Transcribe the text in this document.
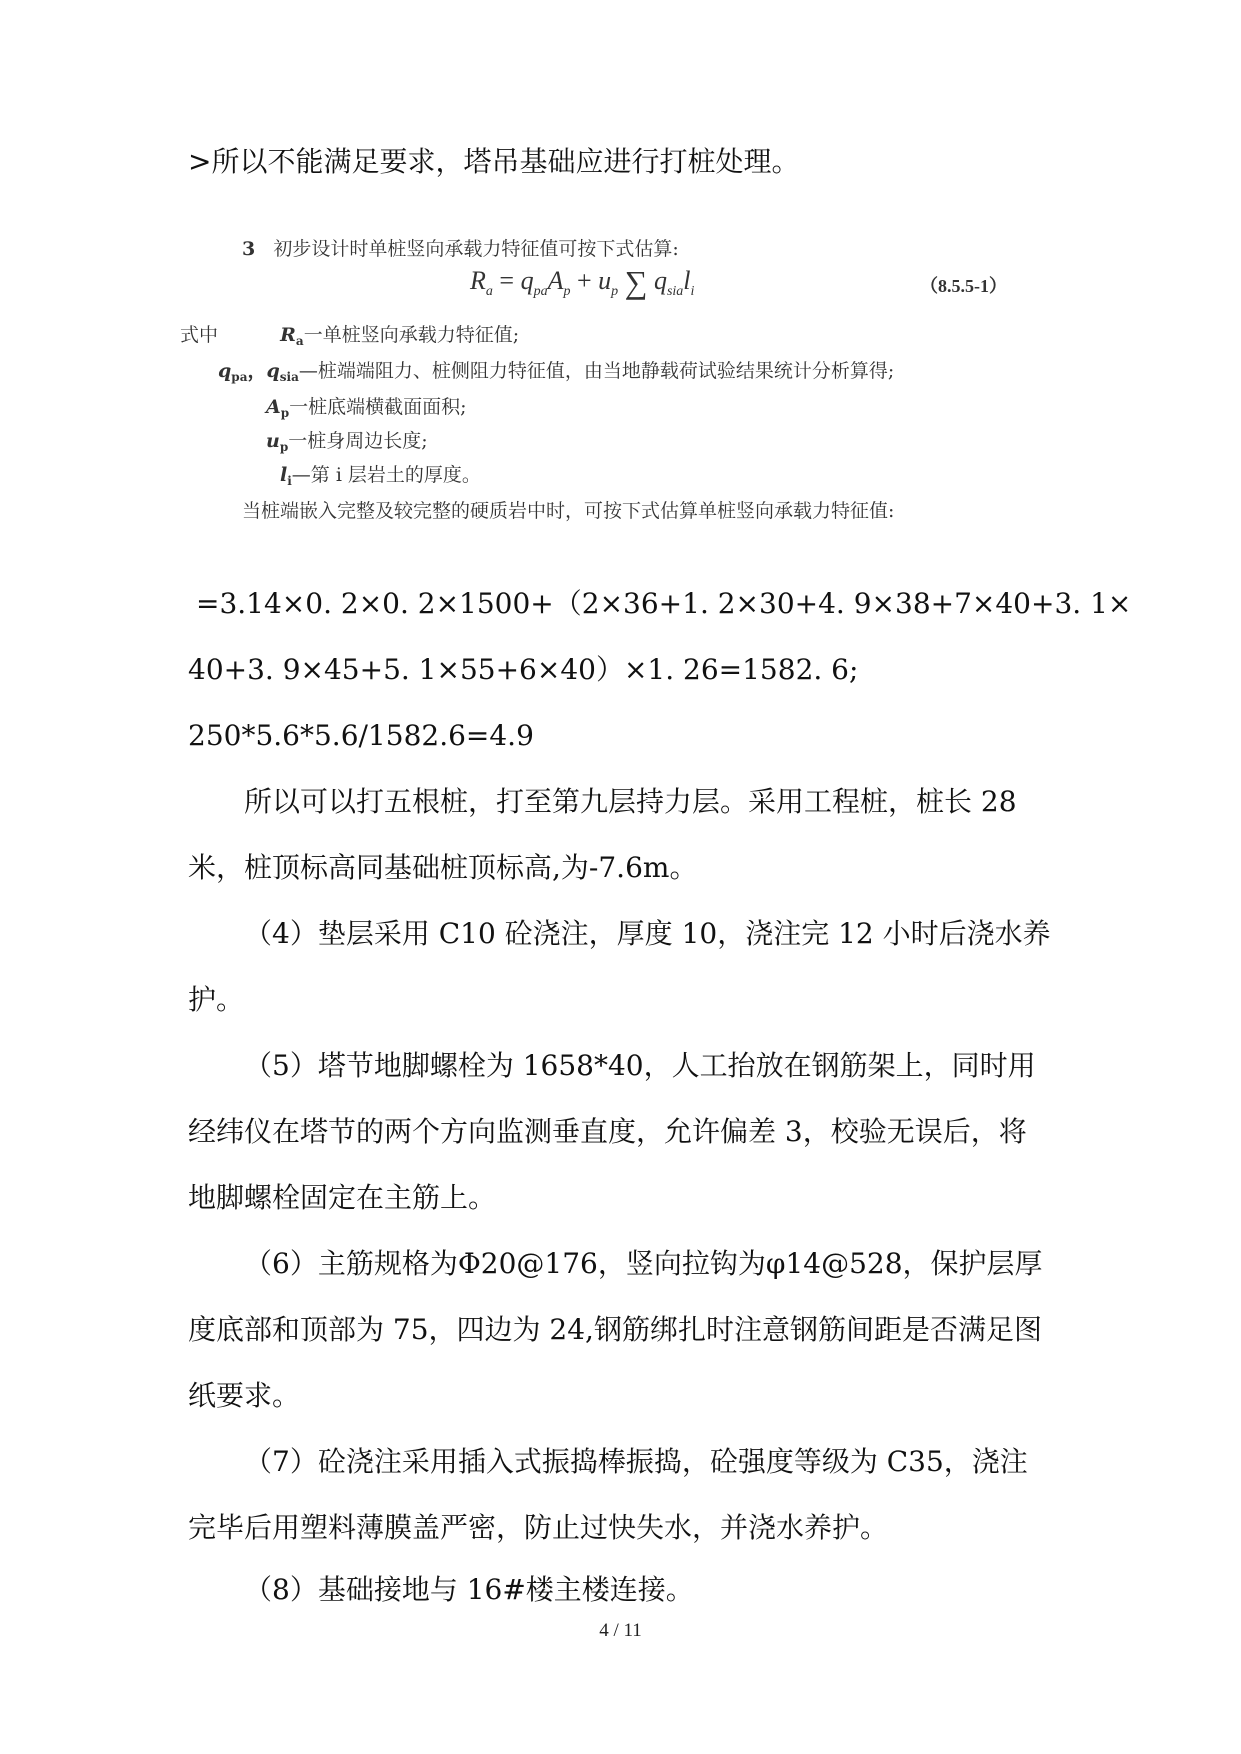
>所以不能满足要求，塔吊基础应进行打桩处理。
3 初步设计时单桩竖向承载力特征值可按下式估算:
$R_a = q_{pa}A_p + u_p$ ∑ $q_{sia}l_i$	（8.5.5-1）
式中	$R_a$一单桩竖向承载力特征值;
$q_{pa}$，$q_{sia}—$桩端端阻力、桩侧阻力特征值，由当地静载荷试验结果统计分析算得;
$A_p$一桩底端横截面面积;
$u_p$一桩身周边长度;
$l_i—$第 i 层岩土的厚度。
当桩端嵌入完整及较完整的硬质岩中时，可按下式估算单桩竖向承载力特征值:
=3.14×0. 2×0. 2×1500+（2×36+1. 2×30+4. 9×38+7×40+3. 1×
40+3. 9×45+5. 1×55+6×40）×1. 26=1582. 6;
250*5.6*5.6/1582.6=4.9
所以可以打五根桩，打至第九层持力层。采用工程桩，桩长 28
米，桩顶标高同基础桩顶标高,为-7.6m。
（4）垫层采用 C10 砼浇注，厚度 10，浇注完 12 小时后浇水养
护。
（5）塔节地脚螺栓为 1658*40，人工抬放在钢筋架上，同时用
经纬仪在塔节的两个方向监测垂直度，允许偏差 3，校验无误后，将
地脚螺栓固定在主筋上。
（6）主筋规格为Φ20@176，竖向拉钩为φ14@528，保护层厚
度底部和顶部为 75，四边为 24,钢筋绑扎时注意钢筋间距是否满足图
纸要求。
（7）砼浇注采用插入式振捣棒振捣，砼强度等级为 C35，浇注
完毕后用塑料薄膜盖严密，防止过快失水，并浇水养护。
（8）基础接地与 16#楼主楼连接。
4 / 11
